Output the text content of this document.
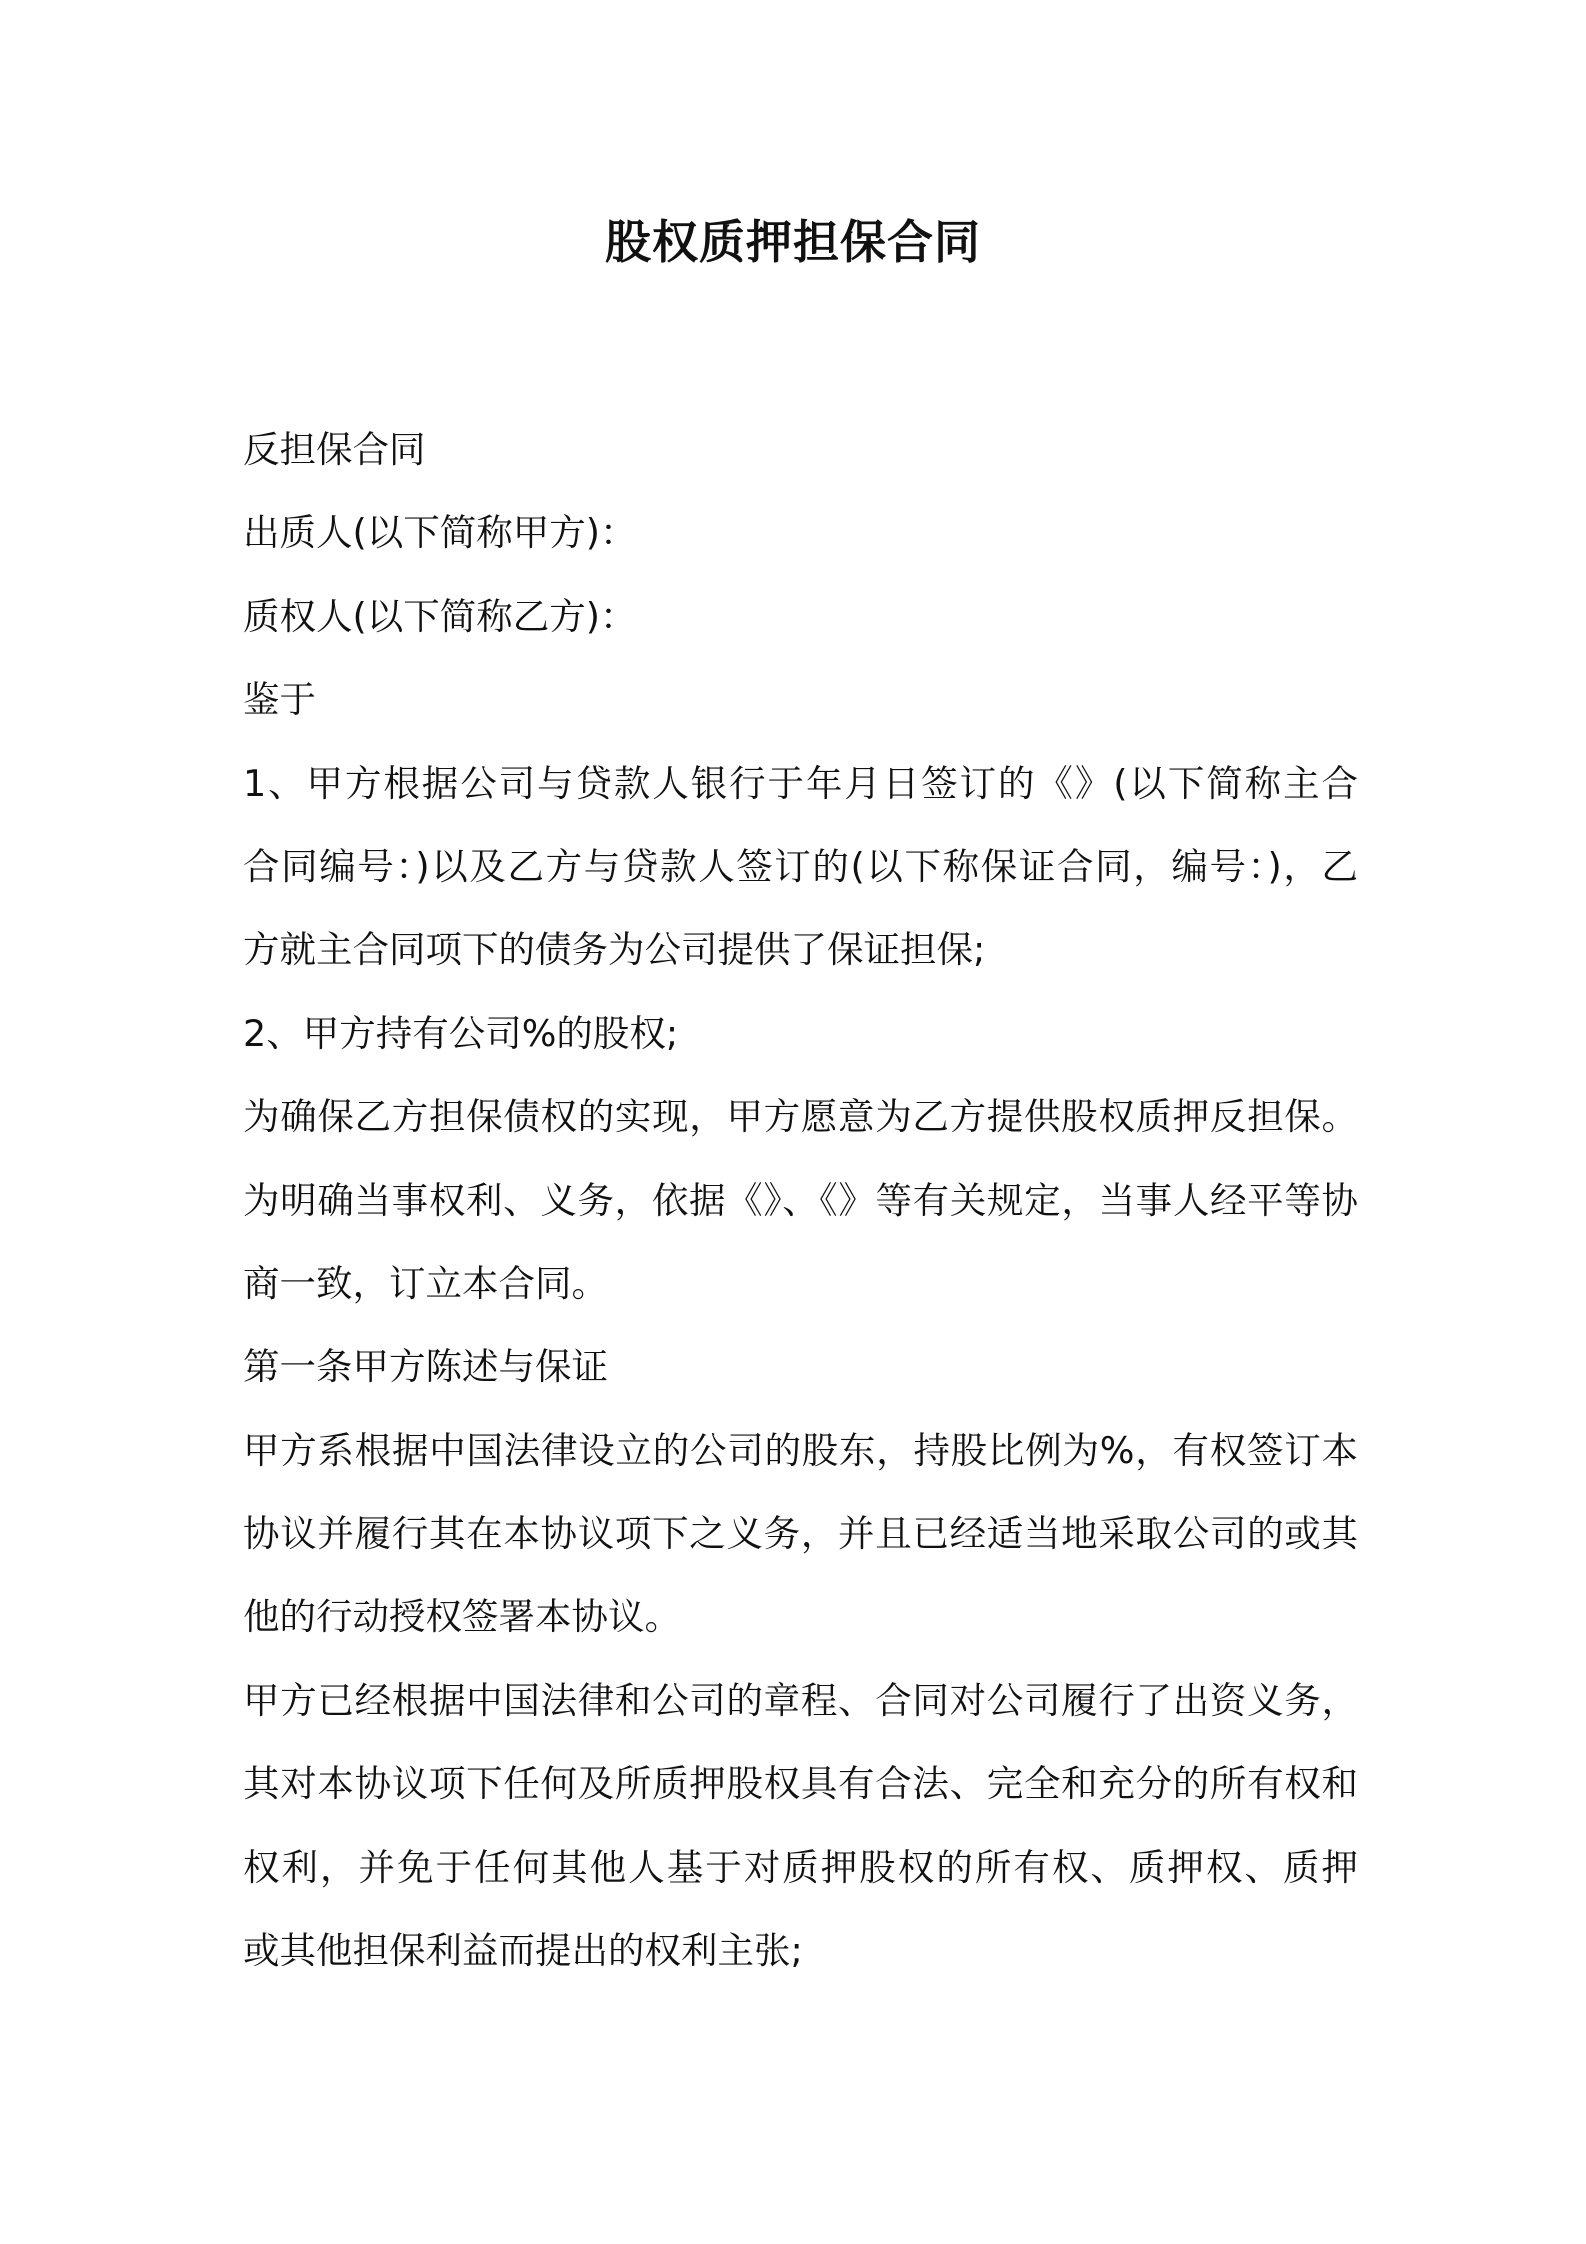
股权质押担保合同
反担保合同
出质人(以下简称甲方)：
质权人(以下简称乙方)：
鉴于
1、甲方根据公司与贷款人银行于年月日签订的《》(以下简称主合
合同编号：)以及乙方与贷款人签订的(以下称保证合同，编号：)，乙
方就主合同项下的债务为公司提供了保证担保;
2、甲方持有公司%的股权;
为确保乙方担保债权的实现，甲方愿意为乙方提供股权质押反担保。
为明确当事权利、义务，依据《》、《》等有关规定，当事人经平等协
商一致，订立本合同。
第一条甲方陈述与保证
甲方系根据中国法律设立的公司的股东，持股比例为%，有权签订本
协议并履行其在本协议项下之义务，并且已经适当地采取公司的或其
他的行动授权签署本协议。
甲方已经根据中国法律和公司的章程、合同对公司履行了出资义务，
其对本协议项下任何及所质押股权具有合法、完全和充分的所有权和
权利，并免于任何其他人基于对质押股权的所有权、质押权、质押
或其他担保利益而提出的权利主张;
